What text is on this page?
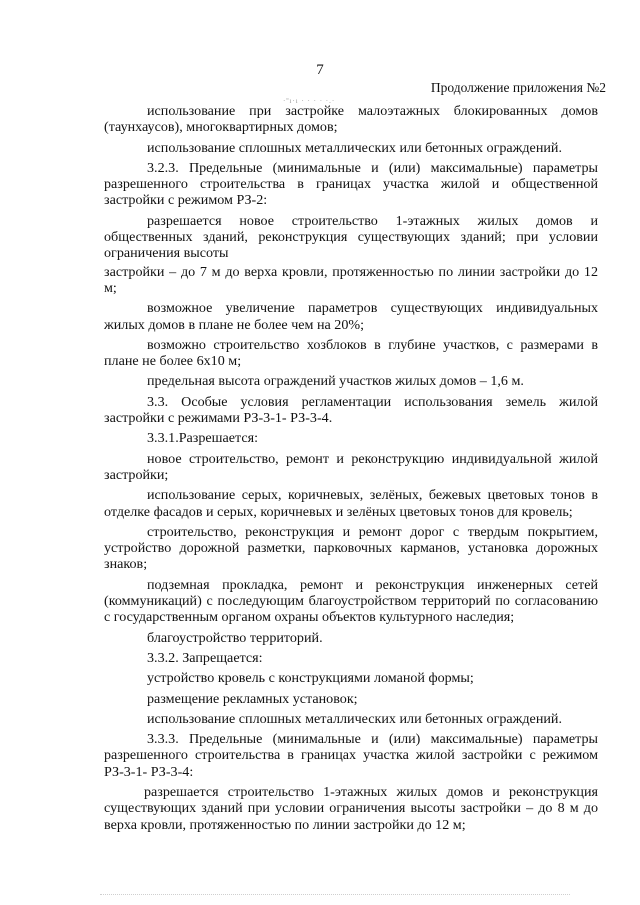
7
Продолжение приложения №2
·ºı·ı · · · · ·.·

использование при застройке малоэтажных блокированных домов (таунхаусов), многоквартирных домов;

использование сплошных металлических или бетонных ограждений.

3.2.3. Предельные (минимальные и (или) максимальные) параметры разрешенного строительства в границах участка жилой и общественной застройки с режимом РЗ-2:

разрешается новое строительство 1-этажных жилых домов и общественных зданий, реконструкция существующих зданий; при условии ограничения высоты

застройки – до 7 м до верха кровли, протяженностью по линии застройки до 12 м;

возможное увеличение параметров существующих индивидуальных жилых домов в плане не более чем на 20%;

возможно строительство хозблоков в глубине участков, с размерами в плане не более 6х10 м;

предельная высота ограждений участков жилых домов – 1,6 м.

3.3. Особые условия регламентации использования земель жилой застройки с режимами РЗ-3-1- РЗ-3-4.

3.3.1.Разрешается:

новое строительство, ремонт и реконструкцию индивидуальной жилой застройки;

использование серых, коричневых, зелёных, бежевых цветовых тонов в отделке фасадов и серых, коричневых и зелёных цветовых тонов для кровель;

строительство, реконструкция и ремонт дорог с твердым покрытием, устройство дорожной разметки, парковочных карманов, установка дорожных знаков;

подземная прокладка, ремонт и реконструкция инженерных сетей (коммуникаций) с последующим благоустройством территорий по согласованию с государственным органом охраны объектов культурного наследия;

благоустройство территорий.

3.3.2. Запрещается:

устройство кровель с конструкциями ломаной формы;

размещение рекламных установок;

использование сплошных металлических или бетонных ограждений.

3.3.3. Предельные (минимальные и (или) максимальные) параметры разрешенного строительства в границах участка жилой застройки с режимом РЗ-3-1- РЗ-3-4:

разрешается строительство 1-этажных жилых домов и реконструкция существующих зданий при условии ограничения высоты застройки – до 8 м до верха кровли, протяженностью по линии застройки до 12 м;
